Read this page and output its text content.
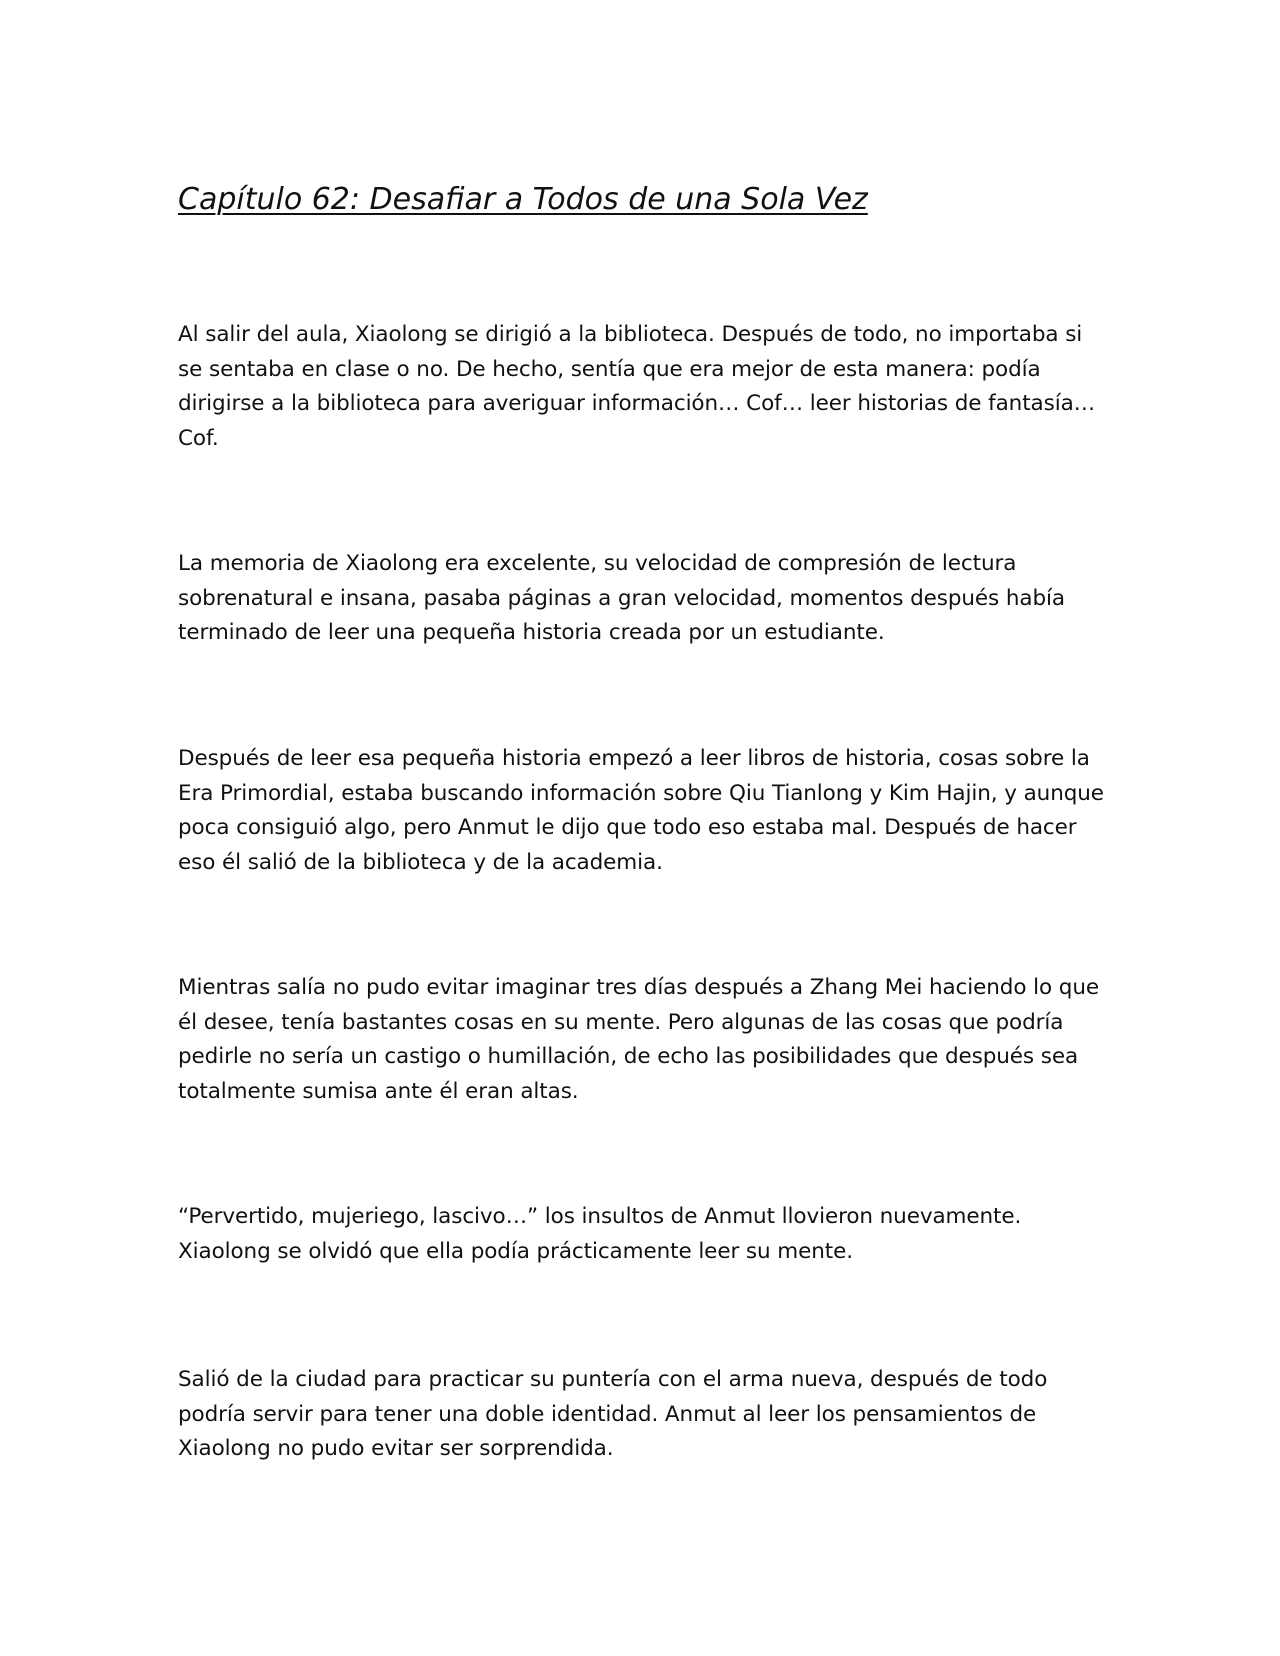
Capítulo 62: Desafiar a Todos de una Sola Vez

Al salir del aula, Xiaolong se dirigió a la biblioteca. Después de todo, no importaba si se sentaba en clase o no. De hecho, sentía que era mejor de esta manera: podía dirigirse a la biblioteca para averiguar información… Cof… leer historias de fantasía… Cof.

La memoria de Xiaolong era excelente, su velocidad de compresión de lectura sobrenatural e insana, pasaba páginas a gran velocidad, momentos después había terminado de leer una pequeña historia creada por un estudiante.

Después de leer esa pequeña historia empezó a leer libros de historia, cosas sobre la Era Primordial, estaba buscando información sobre Qiu Tianlong y Kim Hajin, y aunque poca consiguió algo, pero Anmut le dijo que todo eso estaba mal. Después de hacer eso él salió de la biblioteca y de la academia.

Mientras salía no pudo evitar imaginar tres días después a Zhang Mei haciendo lo que él desee, tenía bastantes cosas en su mente. Pero algunas de las cosas que podría pedirle no sería un castigo o humillación, de echo las posibilidades que después sea totalmente sumisa ante él eran altas.

“Pervertido, mujeriego, lascivo…” los insultos de Anmut llovieron nuevamente. Xiaolong se olvidó que ella podía prácticamente leer su mente.

Salió de la ciudad para practicar su puntería con el arma nueva, después de todo podría servir para tener una doble identidad. Anmut al leer los pensamientos de Xiaolong no pudo evitar ser sorprendida.
